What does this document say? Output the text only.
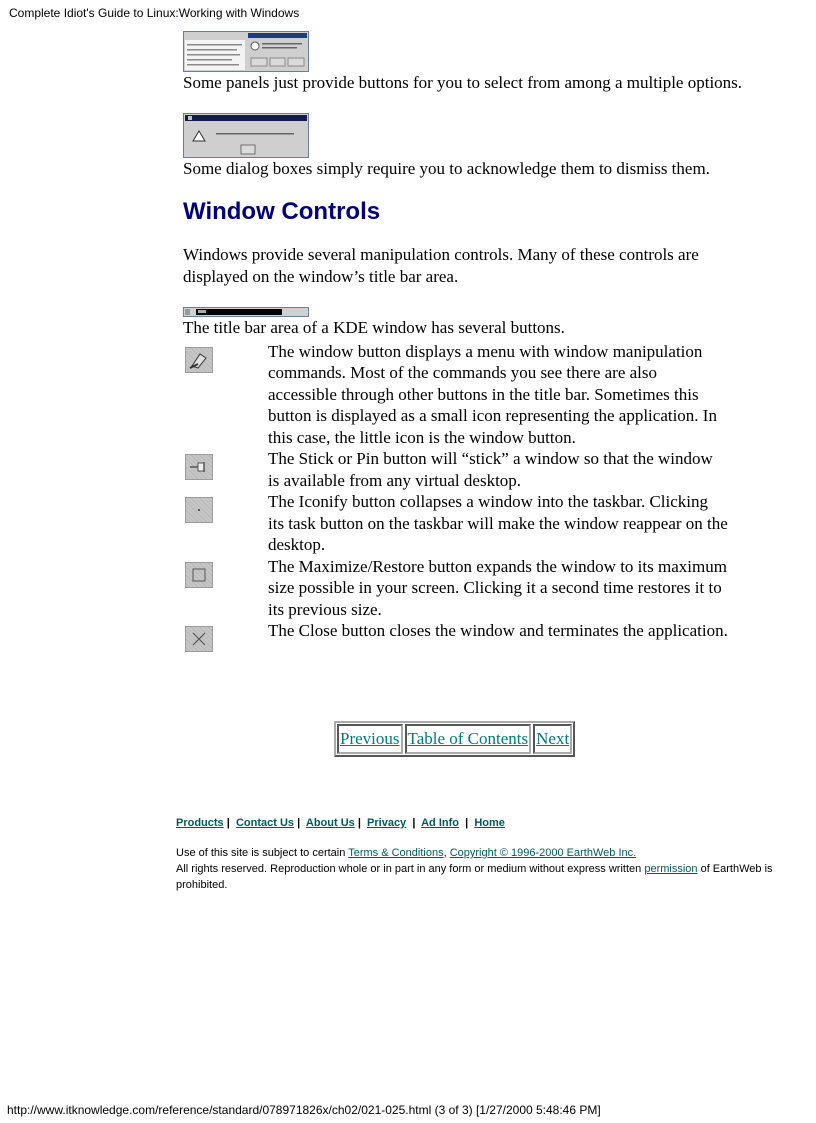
Complete Idiot's Guide to Linux:Working with Windows

Some panels just provide buttons for you to select from among a multiple options.

Some dialog boxes simply require you to acknowledge them to dismiss them.

Window Controls

Windows provide several manipulation controls. Many of these controls are displayed on the window’s title bar area.

The title bar area of a KDE window has several buttons.

	The window button displays a menu with window manipulation commands. Most of the commands you see there are also accessible through other buttons in the title bar. Sometimes this button is displayed as a small icon representing the application. In this case, the little icon is the window button.

	The Stick or Pin button will “stick” a window so that the window is available from any virtual desktop.

	The Iconify button collapses a window into the taskbar. Clicking its task button on the taskbar will make the window reappear on the desktop.

	The Maximize/Restore button expands the window to its maximum size possible in your screen. Clicking it a second time restores it to its previous size.

	The Close button closes the window and terminates the application.
Previous Table of Contents Next
Products | Contact Us | About Us | Privacy | Ad Info | Home
Use of this site is subject to certain Terms & Conditions, Copyright © 1996-2000 EarthWeb Inc.
All rights reserved. Reproduction whole or in part in any form or medium without express written permission of EarthWeb is prohibited.
http://www.itknowledge.com/reference/standard/078971826x/ch02/021-025.html (3 of 3) [1/27/2000 5:48:46 PM]
